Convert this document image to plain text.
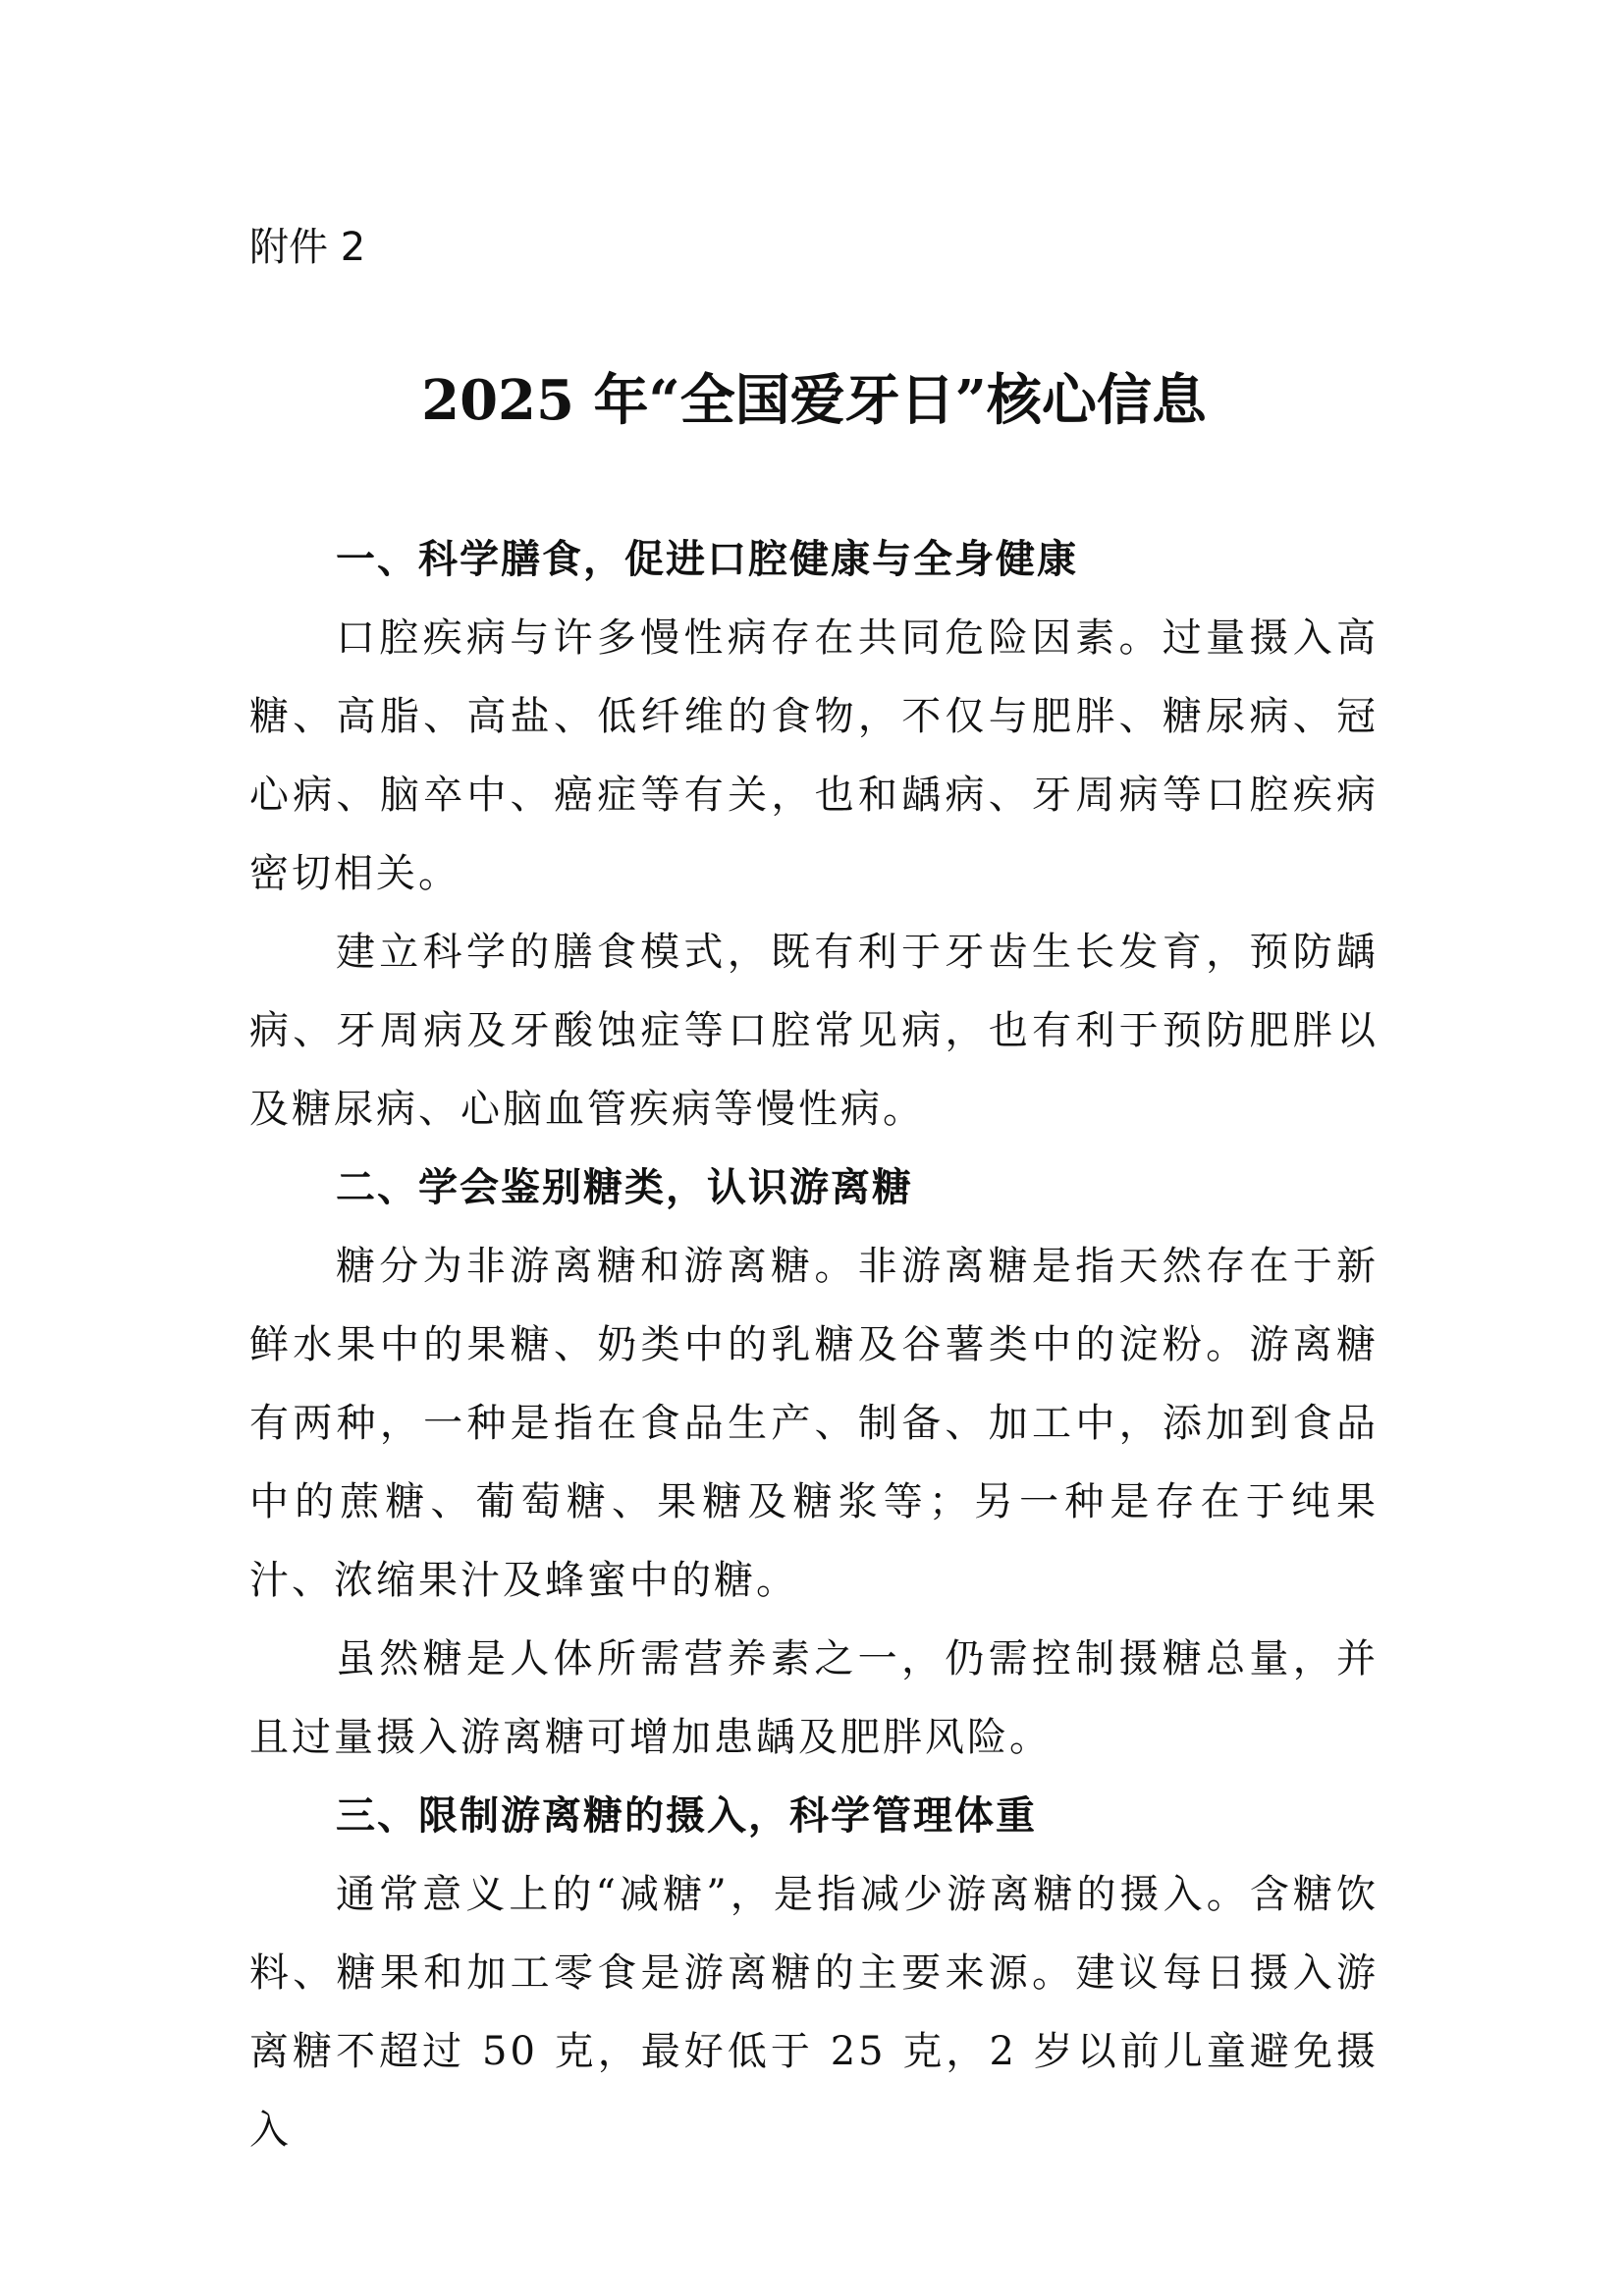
附件 2

2025 年“全国爱牙日”核心信息
一、科学膳食，促进口腔健康与全身健康

口腔疾病与许多慢性病存在共同危险因素。过量摄入高糖、高脂、高盐、低纤维的食物，不仅与肥胖、糖尿病、冠心病、脑卒中、癌症等有关，也和龋病、牙周病等口腔疾病密切相关。

建立科学的膳食模式，既有利于牙齿生长发育，预防龋病、牙周病及牙酸蚀症等口腔常见病，也有利于预防肥胖以及糖尿病、心脑血管疾病等慢性病。

二、学会鉴别糖类，认识游离糖

糖分为非游离糖和游离糖。非游离糖是指天然存在于新鲜水果中的果糖、奶类中的乳糖及谷薯类中的淀粉。游离糖有两种，一种是指在食品生产、制备、加工中，添加到食品中的蔗糖、葡萄糖、果糖及糖浆等；另一种是存在于纯果汁、浓缩果汁及蜂蜜中的糖。

虽然糖是人体所需营养素之一，仍需控制摄糖总量，并且过量摄入游离糖可增加患龋及肥胖风险。

三、限制游离糖的摄入，科学管理体重

通常意义上的“减糖”，是指减少游离糖的摄入。含糖饮料、糖果和加工零食是游离糖的主要来源。建议每日摄入游离糖不超过 50 克，最好低于 25 克，2 岁以前儿童避免摄入
